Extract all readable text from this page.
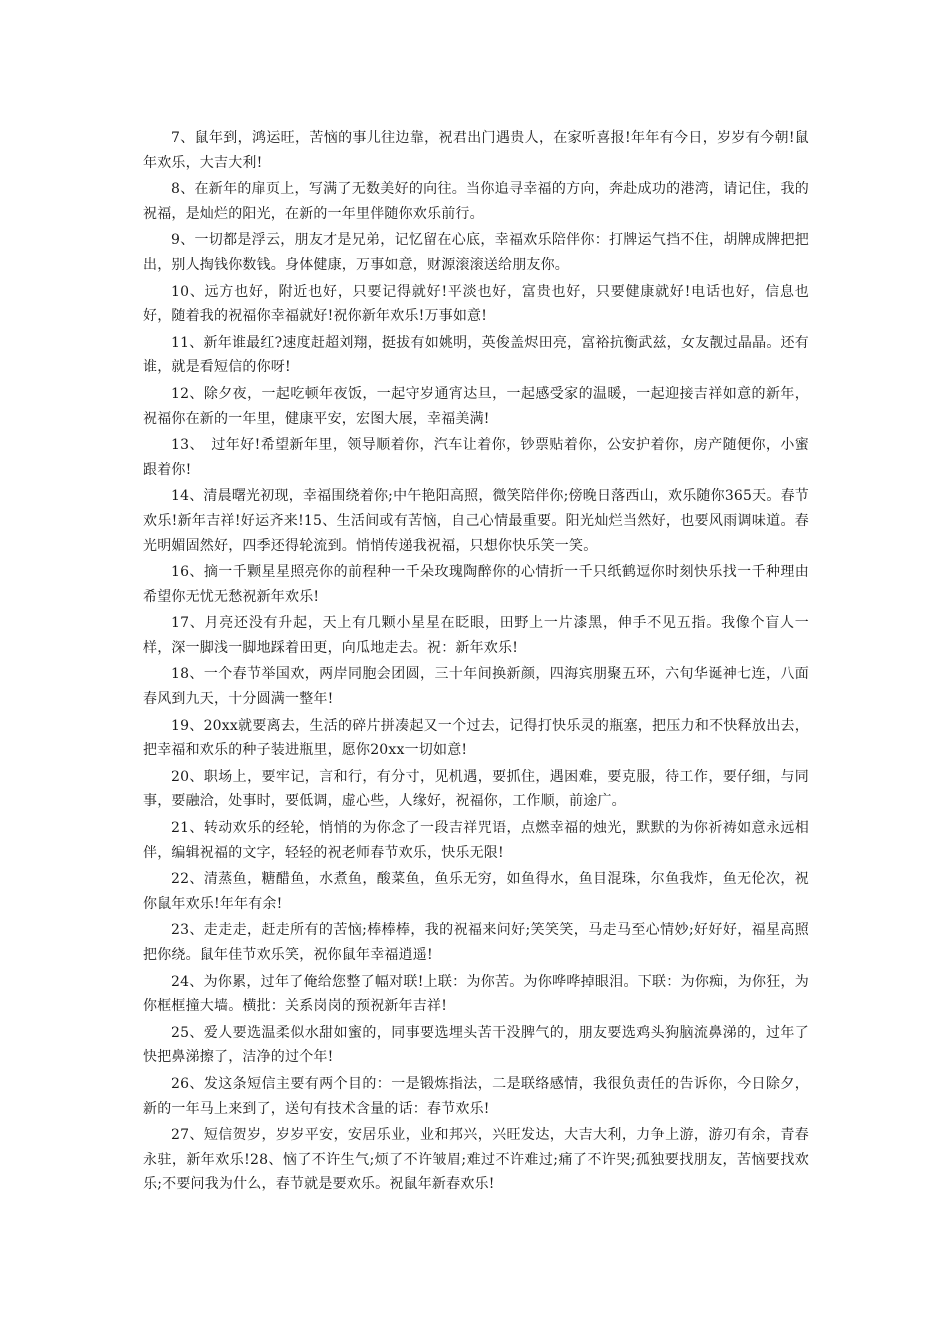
7、鼠年到，鸿运旺，苦恼的事儿往边靠，祝君出门遇贵人，在家听喜报!年年有今日，岁岁有今朝!鼠年欢乐，大吉大利!

8、在新年的扉页上，写满了无数美好的向往。当你追寻幸福的方向，奔赴成功的港湾，请记住，我的祝福，是灿烂的阳光，在新的一年里伴随你欢乐前行。

9、一切都是浮云，朋友才是兄弟，记忆留在心底，幸福欢乐陪伴你：打牌运气挡不住，胡牌成牌把把出，别人掏钱你数钱。身体健康，万事如意，财源滚滚送给朋友你。

10、远方也好，附近也好，只要记得就好!平淡也好，富贵也好，只要健康就好!电话也好，信息也好，随着我的祝福你幸福就好!祝你新年欢乐!万事如意!

11、新年谁最红?速度赶超刘翔，挺拔有如姚明，英俊盖烬田亮，富裕抗衡武兹，女友靓过晶晶。还有谁，就是看短信的你呀!

12、除夕夜，一起吃顿年夜饭，一起守岁通宵达旦，一起感受家的温暖，一起迎接吉祥如意的新年，祝福你在新的一年里，健康平安，宏图大展，幸福美满!

13、　过年好!希望新年里，领导顺着你，汽车让着你，钞票贴着你，公安护着你，房产随便你，小蜜跟着你!

14、清晨曙光初现，幸福围绕着你;中午艳阳高照，微笑陪伴你;傍晚日落西山，欢乐随你365天。春节欢乐!新年吉祥!好运齐来!15、生活间或有苦恼，自己心情最重要。阳光灿烂当然好，也要风雨调味道。春光明媚固然好，四季还得轮流到。悄悄传递我祝福，只想你快乐笑一笑。

16、摘一千颗星星照亮你的前程种一千朵玫瑰陶醉你的心情折一千只纸鹤逗你时刻快乐找一千种理由希望你无忧无愁祝新年欢乐!

17、月亮还没有升起，天上有几颗小星星在眨眼，田野上一片漆黑，伸手不见五指。我像个盲人一样，深一脚浅一脚地踩着田更，向瓜地走去。祝：新年欢乐!

18、一个春节举国欢，两岸同胞会团圆，三十年间换新颜，四海宾朋聚五环，六旬华诞神七连，八面春风到九天，十分圆满一整年!

19、20xx就要离去，生活的碎片拼凑起又一个过去，记得打快乐灵的瓶塞，把压力和不快释放出去，把幸福和欢乐的种子装进瓶里，愿你20xx一切如意!

20、职场上，要牢记，言和行，有分寸，见机遇，要抓住，遇困难，要克服，待工作，要仔细，与同事，要融洽，处事时，要低调，虚心些，人缘好，祝福你，工作顺，前途广。

21、转动欢乐的经轮，悄悄的为你念了一段吉祥咒语，点燃幸福的烛光，默默的为你祈祷如意永远相伴，编辑祝福的文字，轻轻的祝老师春节欢乐，快乐无限!

22、清蒸鱼，糖醋鱼，水煮鱼，酸菜鱼，鱼乐无穷，如鱼得水，鱼目混珠，尔鱼我炸，鱼无伦次，祝你鼠年欢乐!年年有余!

23、走走走，赶走所有的苦恼;棒棒棒，我的祝福来问好;笑笑笑，马走马至心情妙;好好好，福星高照把你绕。鼠年佳节欢乐笑，祝你鼠年幸福逍遥!

24、为你累，过年了俺给您整了幅对联!上联：为你苦。为你哗哗掉眼泪。下联：为你痴，为你狂，为你框框撞大墙。横批：关系岗岗的预祝新年吉祥!

25、爱人要选温柔似水甜如蜜的，同事要选埋头苦干没脾气的，朋友要选鸡头狗脑流鼻涕的，过年了快把鼻涕擦了，洁净的过个年!

26、发这条短信主要有两个目的：一是锻炼指法，二是联络感情，我很负责任的告诉你，今日除夕，新的一年马上来到了，送句有技术含量的话：春节欢乐!

27、短信贺岁，岁岁平安，安居乐业，业和邦兴，兴旺发达，大吉大利，力争上游，游刃有余，青春永驻，新年欢乐!28、恼了不许生气;烦了不许皱眉;难过不许难过;痛了不许哭;孤独要找朋友，苦恼要找欢乐;不要问我为什么，春节就是要欢乐。祝鼠年新春欢乐!
